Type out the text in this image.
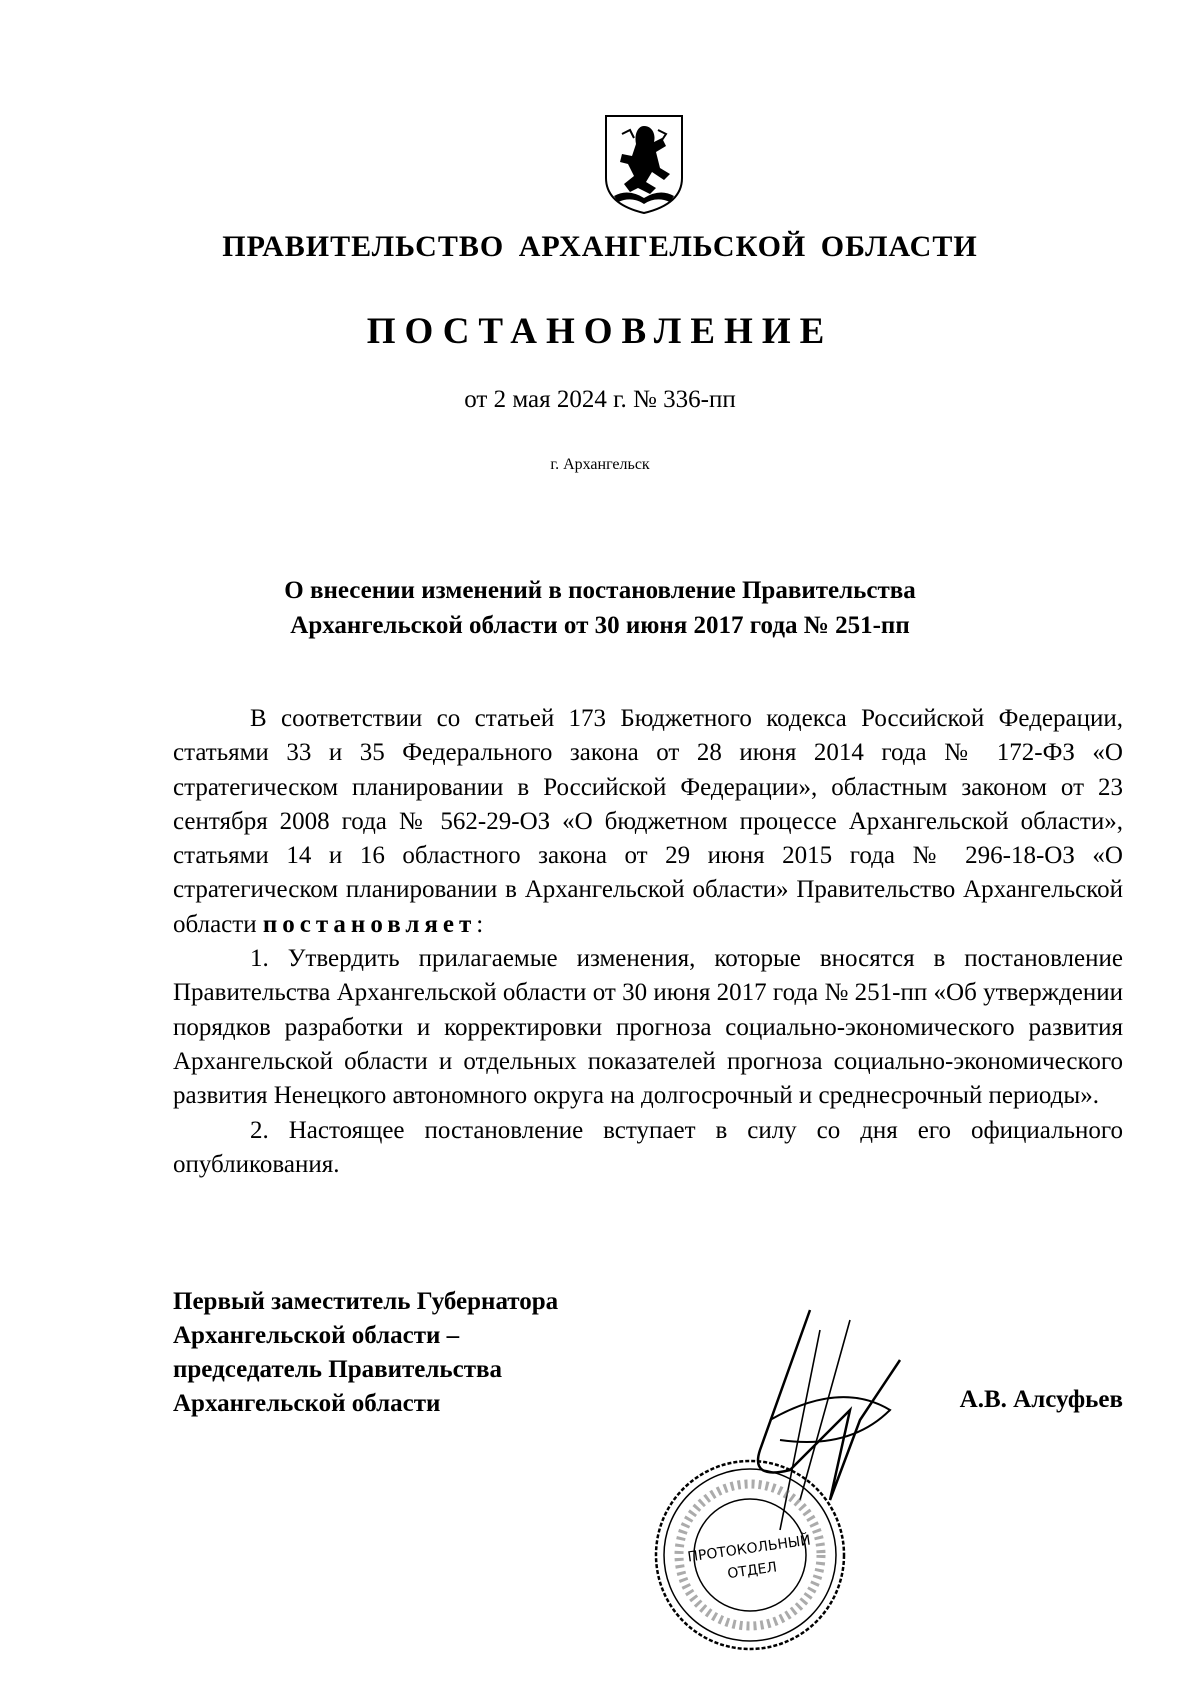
ПРАВИТЕЛЬСТВО АРХАНГЕЛЬСКОЙ ОБЛАСТИ
ПОСТАНОВЛЕНИЕ
от 2 мая 2024 г. № 336-пп
г. Архангельск
О внесении изменений в постановление Правительства
Архангельской области от 30 июня 2017 года № 251-пп

В соответствии со статьей 173 Бюджетного кодекса Российской Федерации, статьями 33 и 35 Федерального закона от 28 июня 2014 года № 172-ФЗ «О стратегическом планировании в Российской Федерации», областным законом от 23 сентября 2008 года № 562-29-ОЗ «О бюджетном процессе Архангельской области», статьями 14 и 16 областного закона от 29 июня 2015 года № 296-18-ОЗ «О стратегическом планировании в Архангельской области» Правительство Архангельской области постановляет:

1. Утвердить прилагаемые изменения, которые вносятся в постановление Правительства Архангельской области от 30 июня 2017 года № 251-пп «Об утверждении порядков разработки и корректировки прогноза социально-экономического развития Архангельской области и отдельных показателей прогноза социально-экономического развития Ненецкого автономного округа на долгосрочный и среднесрочный периоды».

2. Настоящее постановление вступает в силу со дня его официального опубликования.

Первый заместитель Губернатора
Архангельской области –
председатель Правительства
Архангельской области	А.В. Алсуфьев
ПРОТОКОЛЬНЫЙ
ОТДЕЛ
